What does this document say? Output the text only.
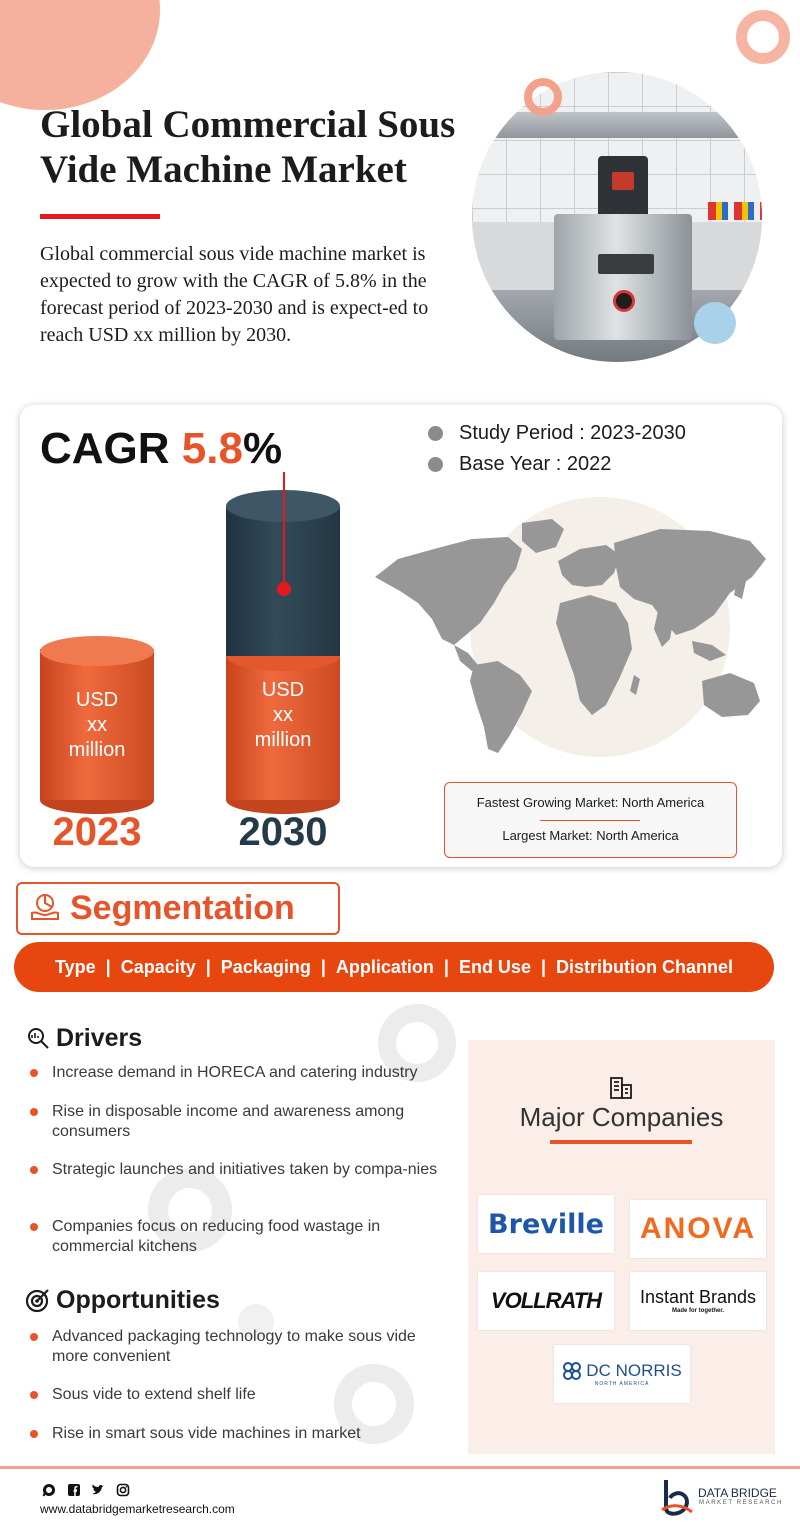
Global Commercial Sous Vide Machine Market

Global commercial sous vide machine market is expected to grow with the CAGR of 5.8% in the forecast period of 2023-2030 and is expect-ed to reach USD xx million by 2030.

CAGR 5.8%
USD
xx
million
USD
xx
million
2023	2030
Study Period : 2023-2030
Base Year : 2022
Fastest Growing Market: North America
Largest Market: North America
Segmentation
Type | Capacity | Packaging | Application | End Use | Distribution Channel
Drivers
Increase demand in HORECA and catering industry
Rise in disposable income and awareness among consumers
Strategic launches and initiatives taken by compa-nies
Companies focus on reducing food wastage in commercial kitchens
Opportunities
Advanced packaging technology to make sous vide more convenient
Sous vide to extend shelf life
Rise in smart sous vide machines in market
Major Companies
Breville ANOVA
VOLLRATH Instant Brands
Made for together.
DC NORRIS
NORTH AMERICA
www.databridgemarketresearch.com
DATA BRIDGE
MARKET RESEARCH
